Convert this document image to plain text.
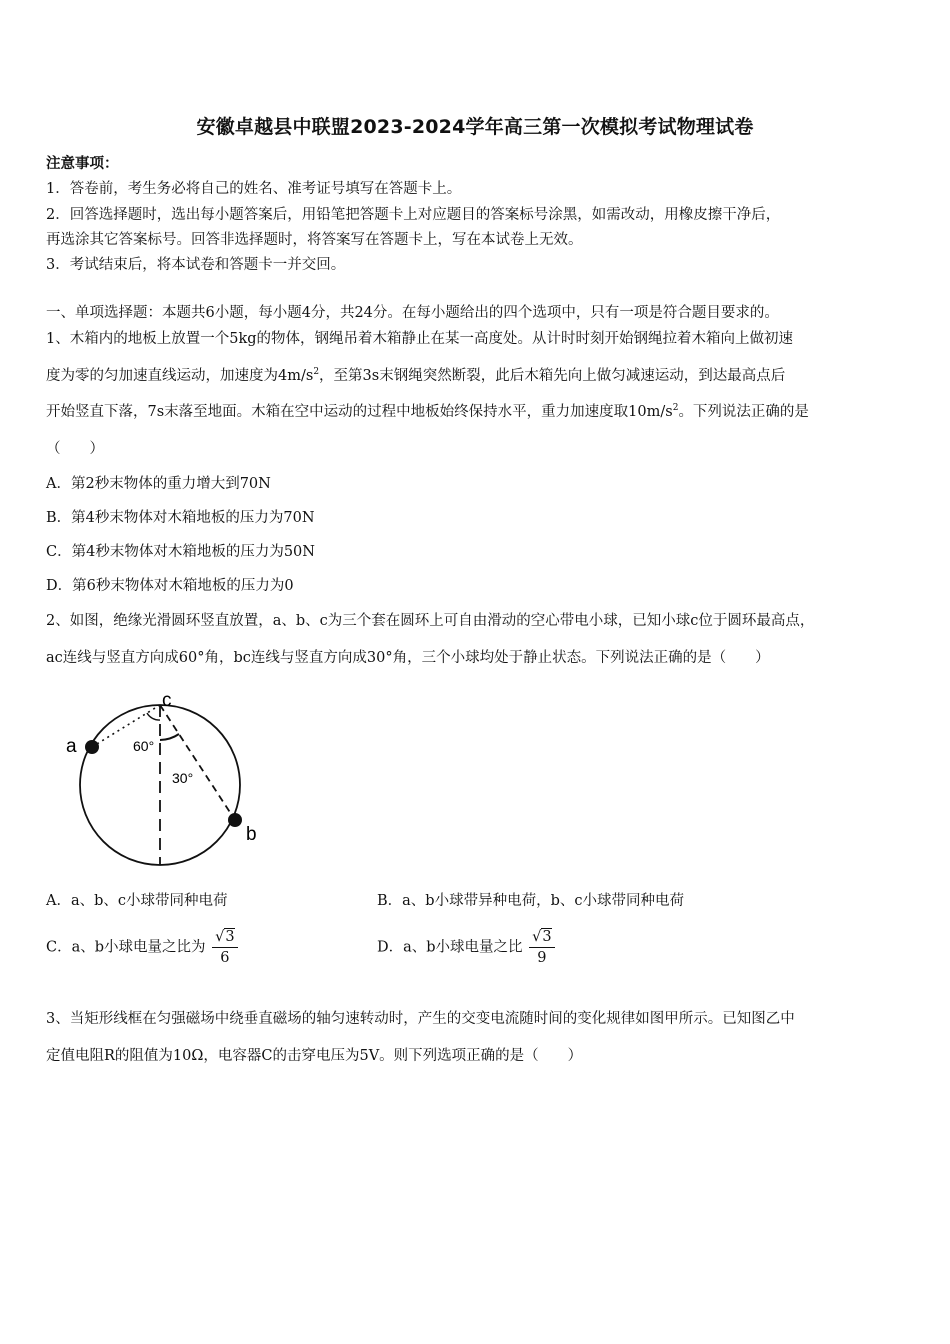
安徽卓越县中联盟2023-2024学年高三第一次模拟考试物理试卷
注意事项：
1．答卷前，考生务必将自己的姓名、准考证号填写在答题卡上。
2．回答选择题时，选出每小题答案后，用铅笔把答题卡上对应题目的答案标号涂黑，如需改动，用橡皮擦干净后，
再选涂其它答案标号。回答非选择题时，将答案写在答题卡上，写在本试卷上无效。
3．考试结束后，将本试卷和答题卡一并交回。
一、单项选择题：本题共6小题，每小题4分，共24分。在每小题给出的四个选项中，只有一项是符合题目要求的。
1、木箱内的地板上放置一个5kg的物体，钢绳吊着木箱静止在某一高度处。从计时时刻开始钢绳拉着木箱向上做初速
度为零的匀加速直线运动，加速度为$4m/s^2$，至第3s末钢绳突然断裂，此后木箱先向上做匀减速运动，到达最高点后
开始竖直下落，7s末落至地面。木箱在空中运动的过程中地板始终保持水平，重力加速度取$10m/s^2$。下列说法正确的是
（　　）
A．第2秒末物体的重力增大到70N
B．第4秒末物体对木箱地板的压力为70N
C．第4秒末物体对木箱地板的压力为50N
D．第6秒末物体对木箱地板的压力为0
2、如图，绝缘光滑圆环竖直放置，a、b、c为三个套在圆环上可自由滑动的空心带电小球，已知小球c位于圆环最高点，
ac连线与竖直方向成60°角，bc连线与竖直方向成30°角，三个小球均处于静止状态。下列说法正确的是（　　）
a
b
c
60°
30°
A．a、b、c小球带同种电荷	B．a、b小球带异种电荷，b、c小球带同种电荷
C．a、b小球电量之比为 $\frac{√3}{6}$	D．a、b小球电量之比 $\frac{√3}{9}$
3、当矩形线框在匀强磁场中绕垂直磁场的轴匀速转动时，产生的交变电流随时间的变化规律如图甲所示。已知图乙中
定值电阻R的阻值为10Ω，电容器C的击穿电压为5V。则下列选项正确的是（　　）
